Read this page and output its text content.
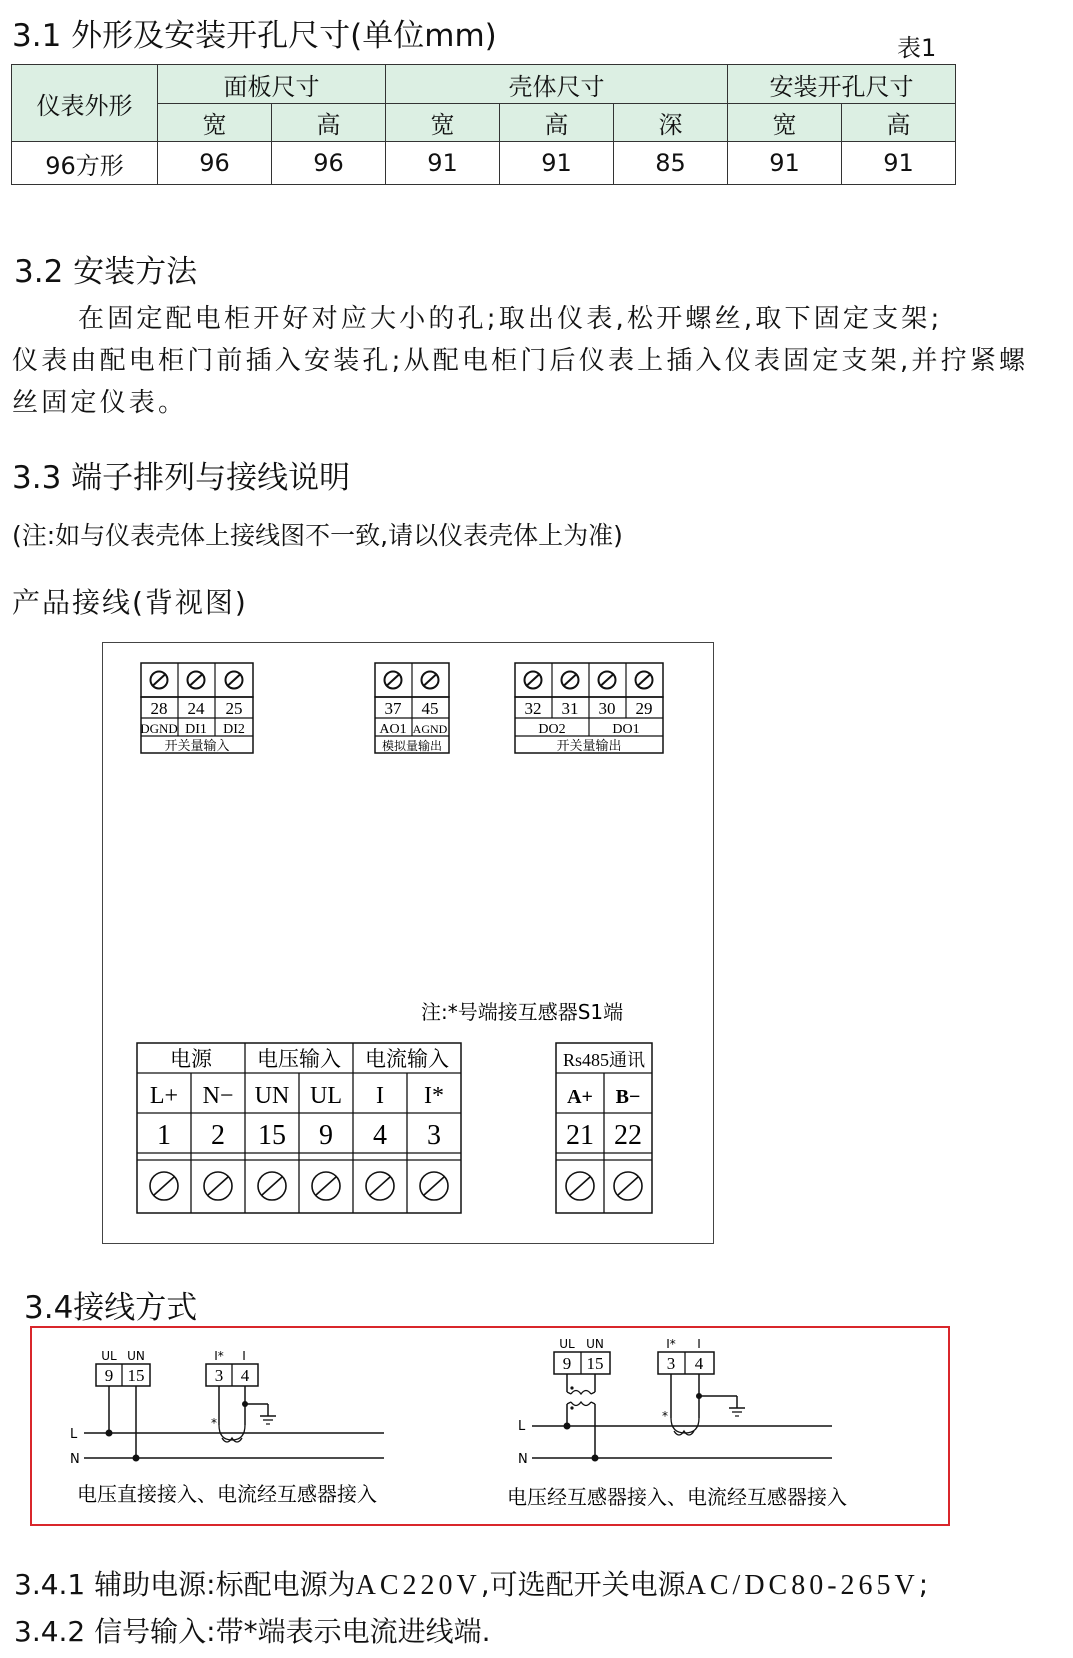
3.1 外形及安装开孔尺寸(单位mm)	表1
仪表外形	面板尺寸		壳体尺寸			安装开孔尺寸	
	宽	高	宽	高	深	宽	高
96方形	96	96	91	91	85	91	91
3.2 安装方法
在固定配电柜开好对应大小的孔;取出仪表,松开螺丝,取下固定支架;
仪表由配电柜门前插入安装孔;从配电柜门后仪表上插入仪表固定支架,并拧紧螺
丝固定仪表。
3.3 端子排列与接线说明
(注:如与仪表壳体上接线图不一致,请以仪表壳体上为准)
产品接线(背视图)
28 24 25
DGND DI1 DI2
开关量输入
37 45
AO1 AGND
模拟量输出
32 31 30 29
DO2	DO1
开关量输出
注:*号端接互感器S1端
电源 电压输入 电流输入
L+ N− UN UL I I*
1 2 15 9 4 3
Rs485通讯
A+ B−
21 22
3.4接线方式
UL UN
9 15
I* I
3 4
L
N
*
电压直接接入、电流经互感器接入
UL UN
9 15
I* I
3 4
L
N
*
电压经互感器接入、电流经互感器接入
3.4.1 辅助电源:标配电源为AC220V,可选配开关电源AC/DC80-265V;
3.4.2 信号输入:带*端表示电流进线端.
